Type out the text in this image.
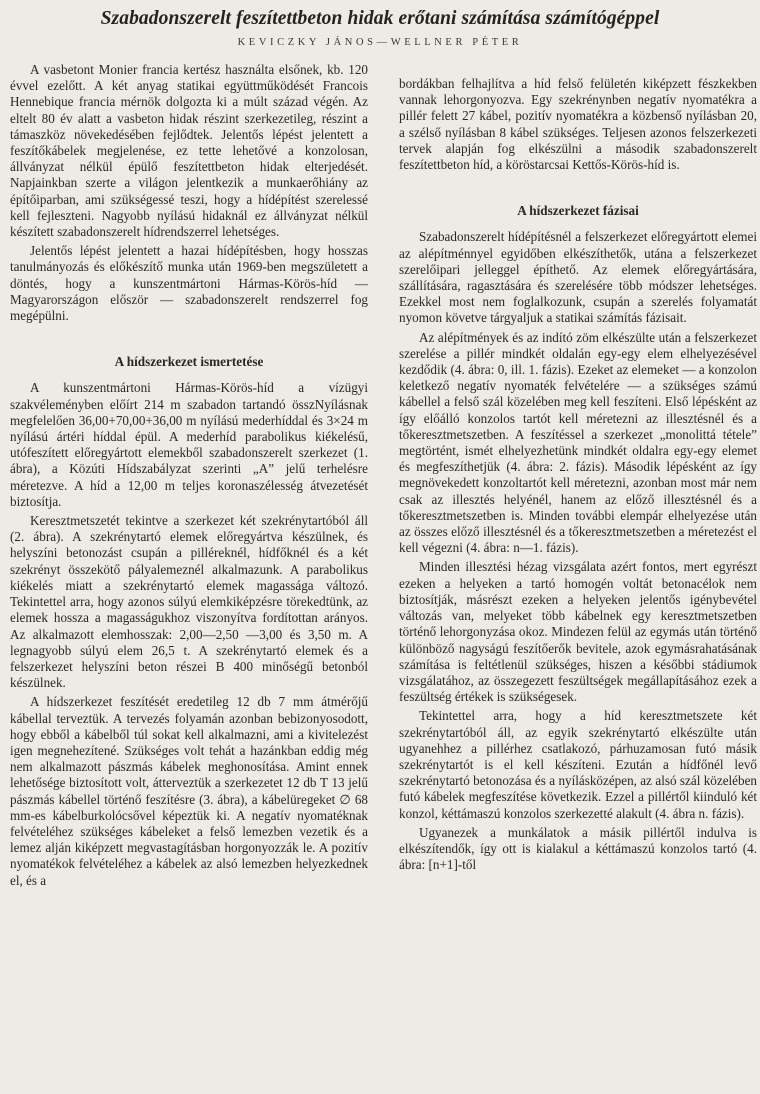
Szabadonszerelt feszítettbeton hidak erőtani számítása számítógéppel
KEVICZKY JÁNOS—WELLNER PÉTER

A vasbetont Monier francia kertész használta elsőnek, kb. 120 évvel ezelőtt. A két anyag statikai együttműködését Francois Hennebique francia mérnök dolgozta ki a múlt század végén. Az eltelt 80 év alatt a vasbeton hidak részint szerkezetileg, részint a támaszköz növekedésében fejlődtek. Jelentős lépést jelentett a feszítőkábelek megjelenése, ez tette lehetővé a konzolosan, állványzat nélkül épülő feszítettbeton hidak elterjedését. Napjainkban szerte a világon jelentkezik a munkaerőhiány az építőiparban, ami szükségessé teszi, hogy a hídépítést szerelessé kell fejleszteni. Nagyobb nyílású hidaknál ez állványzat nélkül készített szabadonszerelt hídrendszerrel lehetséges.

Jelentős lépést jelentett a hazai hídépítésben, hogy hosszas tanulmányozás és előkészítő munka után 1969-ben megszületett a döntés, hogy a kunszentmártoni Hármas-Körös-híd — Magyarországon először — szabadonszerelt rendszerrel fog megépülni.

A hídszerkezet ismertetése

A kunszentmártoni Hármas-Körös-híd a vízügyi szakvéleményben előírt 214 m szabadon tartandó összNyílásnak megfelelően 36,00+70,00+36,00 m nyílású mederhíddal és 3×24 m nyílású ártéri híddal épül. A mederhíd parabolikus kiékelésű, utófeszített előregyártott elemekből szabadonszerelt szerkezet (1. ábra), a Közúti Hídszabályzat szerinti „A” jelű terhelésre méretezve. A híd a 12,00 m teljes koronaszélesség átvezetését biztosítja.

Keresztmetszetét tekintve a szerkezet két szekrénytartóból áll (2. ábra). A szekrénytartó elemek előregyártva készülnek, és helyszíni betonozást csupán a pilléreknél, hídfőknél és a két szekrényt összekötő pályalemeznél alkalmazunk. A parabolikus kiékelés miatt a szekrénytartó elemek magassága változó. Tekintettel arra, hogy azonos súlyú elemkiképzésre törekedtünk, az elemek hossza a magasságukhoz viszonyítva fordítottan arányos. Az alkalmazott elemhosszak: 2,00—2,50 —3,00 és 3,50 m. A legnagyobb súlyú elem 26,5 t. A szekrénytartó elemek és a felszerkezet helyszíni beton részei B 400 minőségű betonból készülnek.

A hídszerkezet feszítését eredetileg 12 db 7 mm átmérőjű kábellal terveztük. A tervezés folyamán azonban bebizonyosodott, hogy ebből a kábelből túl sokat kell alkalmazni, ami a kivitelezést igen megnehezítené. Szükséges volt tehát a hazánkban eddig még nem alkalmazott pászmás kábelek meghonosítása. Amint ennek lehetősége biztosított volt, átterveztük a szerkezetet 12 db T 13 jelű pászmás kábellel történő feszítésre (3. ábra), a kábelüregeket ∅ 68 mm-es kábelburkolócsővel képeztük ki. A negatív nyomatéknak felvételéhez szükséges kábeleket a felső lemezben vezetik és a lemez alján kiképzett megvastagításban horgonyozzák le. A pozitív nyomatékok felvételéhez a kábelek az alsó lemezben helyezkednek el, és a

bordákban felhajlítva a híd felső felületén kiképzett fészkekben vannak lehorgonyozva. Egy szekrénynben negatív nyomatékra a pillér felett 27 kábel, pozitív nyomatékra a közbenső nyílásban 20, a szélső nyílásban 8 kábel szükséges. Teljesen azonos felszerkezeti tervek alapján fog elkészülni a második szabadonszerelt feszítettbeton híd, a köröstarcsai Kettős-Körös-híd is.

A hídszerkezet fázisai

Szabadonszerelt hídépítésnél a felszerkezet előregyártott elemei az alépítménnyel egyidőben elkészíthetők, utána a felszerkezet szerelőipari jelleggel építhető. Az elemek előregyártására, szállítására, ragasztására és szerelésére több módszer lehetséges. Ezekkel most nem foglalkozunk, csupán a szerelés folyamatát nyomon követve tárgyaljuk a statikai számítás fázisait.

Az alépítmények és az indító zöm elkészülte után a felszerkezet szerelése a pillér mindkét oldalán egy-egy elem elhelyezésével kezdődik (4. ábra: 0, ill. 1. fázis). Ezeket az elemeket — a konzolon keletkező negatív nyomaték felvételére — a szükséges számú kábellel a felső szál közelében meg kell feszíteni. Első lépésként az így előálló konzolos tartót kell méretezni az illesztésnél és a tőkeresztmetszetben. A feszítéssel a szerkezet „monolittá tétele” megtörtént, ismét elhelyezhetünk mindkét oldalra egy-egy elemet és megfeszíthetjük (4. ábra: 2. fázis). Második lépésként az így megnövekedett konzoltartót kell méretezni, azonban most már nem csak az illesztés helyénél, hanem az előző illesztésnél és a tőkeresztmetszetben is. Minden további elempár elhelyezése után az összes előző illesztésnél és a tőkeresztmetszetben a méretezést el kell végezni (4. ábra: n—1. fázis).

Minden illesztési hézag vizsgálata azért fontos, mert egyrészt ezeken a helyeken a tartó homogén voltát betonacélok nem biztosítják, másrészt ezeken a helyeken jelentős igénybevétel változás van, melyeket több kábelnek egy keresztmetszetben történő lehorgonyzása okoz. Mindezen felül az egymás után történő különböző nagyságú feszítőerők bevitele, azok egymásrahatásának számítása is feltétlenül szükséges, hiszen a későbbi stádiumok vizsgálatához, az összegezett feszültségek megállapításához ezek a feszültség értékek is szükségesek.

Tekintettel arra, hogy a híd keresztmetszete két szekrénytartóból áll, az egyik szekrénytartó elkészülte után ugyanehhez a pillérhez csatlakozó, párhuzamosan futó másik szekrénytartót is el kell készíteni. Ezután a hídfőnél levő szekrénytartó betonozása és a nyílásközépen, az alsó szál közelében futó kábelek megfeszítése következik. Ezzel a pillértől kiinduló két konzol, kéttámaszú konzolos szerkezetté alakult (4. ábra n. fázis).

Ugyanezek a munkálatok a másik pillértől indulva is elkészítendők, így ott is kialakul a kéttámaszú konzolos tartó (4. ábra: [n+1]-től
